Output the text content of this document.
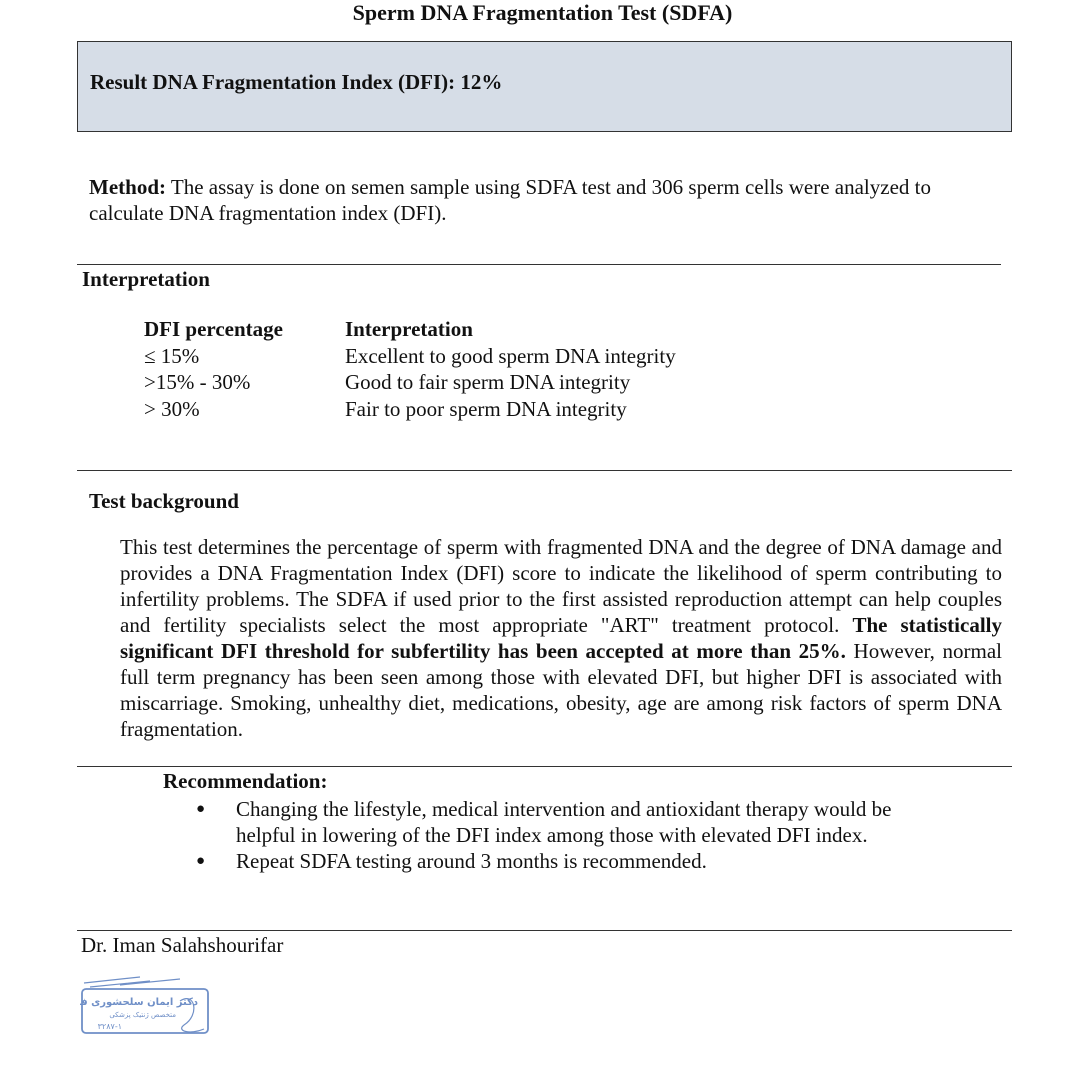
Sperm DNA Fragmentation Test (SDFA)
Result DNA Fragmentation Index (DFI): 12%
Method: The assay is done on semen sample using SDFA test and 306 sperm cells were analyzed to calculate DNA fragmentation index (DFI).
Interpretation
DFI percentage	Interpretation
≤ 15%	Excellent to good sperm DNA integrity
>15% - 30%	Good to fair sperm DNA integrity
> 30%	Fair to poor sperm DNA integrity
Test background
This test determines the percentage of sperm with fragmented DNA and the degree of DNA damage and provides a DNA Fragmentation Index (DFI) score to indicate the likelihood of sperm contributing to infertility problems. The SDFA if used prior to the first assisted reproduction attempt can help couples and fertility specialists select the most appropriate "ART" treatment protocol. The statistically significant DFI threshold for subfertility has been accepted at more than 25%. However, normal full term pregnancy has been seen among those with elevated DFI, but higher DFI is associated with miscarriage. Smoking, unhealthy diet, medications, obesity, age are among risk factors of sperm DNA fragmentation.
Recommendation:
●	Changing the lifestyle, medical intervention and antioxidant therapy would be helpful in lowering of the DFI index among those with elevated DFI index.
●	Repeat SDFA testing around 3 months is recommended.
Dr. Iman Salahshourifar
دکتر ایمان سلحشوری فر
متخصص ژنتیک پزشکی
۳۲۸۷-۱
